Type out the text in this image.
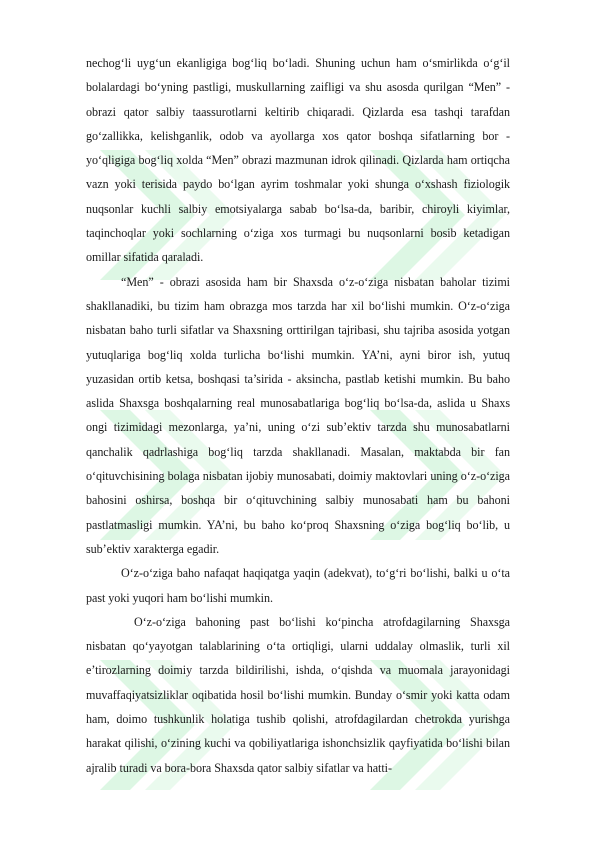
nechog‘li uyg‘un ekanligiga bog‘liq bo‘ladi. Shuning uchun ham o‘smirlikda o‘g‘il bolalardagi bo‘yning pastligi, muskullarning zaifligi va shu asosda qurilgan “Men” - obrazi qator salbiy taassurotlarni keltirib chiqaradi. Qizlarda esa tashqi tarafdan go‘zallikka, kelishganlik, odob va ayollarga xos qator boshqa sifatlarning bor - yo‘qligiga bog‘liq xolda “Men” obrazi mazmunan idrok qilinadi. Qizlarda ham ortiqcha vazn yoki terisida paydo bo‘lgan ayrim toshmalar yoki shunga o‘xshash fiziologik nuqsonlar kuchli salbiy emotsiyalarga sabab bo‘lsa-da, baribir, chiroyli kiyimlar, taqinchoqlar yoki sochlarning o‘ziga xos turmagi bu nuqsonlarni bosib ketadigan omillar sifatida qaraladi.

“Men” - obrazi asosida ham bir Shaxsda o‘z-o‘ziga nisbatan baholar tizimi shakllanadiki, bu tizim ham obrazga mos tarzda har xil bo‘lishi mumkin. O‘z-o‘ziga nisbatan baho turli sifatlar va Shaxsning orttirilgan tajribasi, shu tajriba asosida yotgan yutuqlariga bog‘liq xolda turlicha bo‘lishi mumkin. YA’ni, ayni biror ish, yutuq yuzasidan ortib ketsa, boshqasi ta’sirida - aksincha, pastlab ketishi mumkin. Bu baho aslida Shaxsga boshqalarning real munosabatlariga bog‘liq bo‘lsa-da, aslida u Shaxs ongi tizimidagi mezonlarga, ya’ni, uning o‘zi sub’ektiv tarzda shu munosabatlarni qanchalik qadrlashiga bog‘liq tarzda shakllanadi. Masalan, maktabda bir fan o‘qituvchisining bolaga nisbatan ijobiy munosabati, doimiy maktovlari uning o‘z-o‘ziga bahosini oshirsa, boshqa bir o‘qituvchining salbiy munosabati ham bu bahoni pastlatmasligi mumkin. YA’ni, bu baho ko‘proq Shaxsning o‘ziga bog‘liq bo‘lib, u sub’ektiv xarakterga egadir.

O‘z-o‘ziga baho nafaqat haqiqatga yaqin (adekvat), to‘g‘ri bo‘lishi, balki u o‘ta past yoki yuqori ham bo‘lishi mumkin.

O‘z-o‘ziga bahoning past bo‘lishi ko‘pincha atrofdagilarning Shaxsga nisbatan qo‘yayotgan talablarining o‘ta ortiqligi, ularni uddalay olmaslik, turli xil e’tirozlarning doimiy tarzda bildirilishi, ishda, o‘qishda va muomala jarayonidagi muvaffaqiyatsizliklar oqibatida hosil bo‘lishi mumkin. Bunday o‘smir yoki katta odam ham, doimo tushkunlik holatiga tushib qolishi, atrofdagilardan chetrokda yurishga harakat qilishi, o‘zining kuchi va qobiliyatlariga ishonchsizlik qayfiyatida bo‘lishi bilan ajralib turadi va bora-bora Shaxsda qator salbiy sifatlar va hatti-
